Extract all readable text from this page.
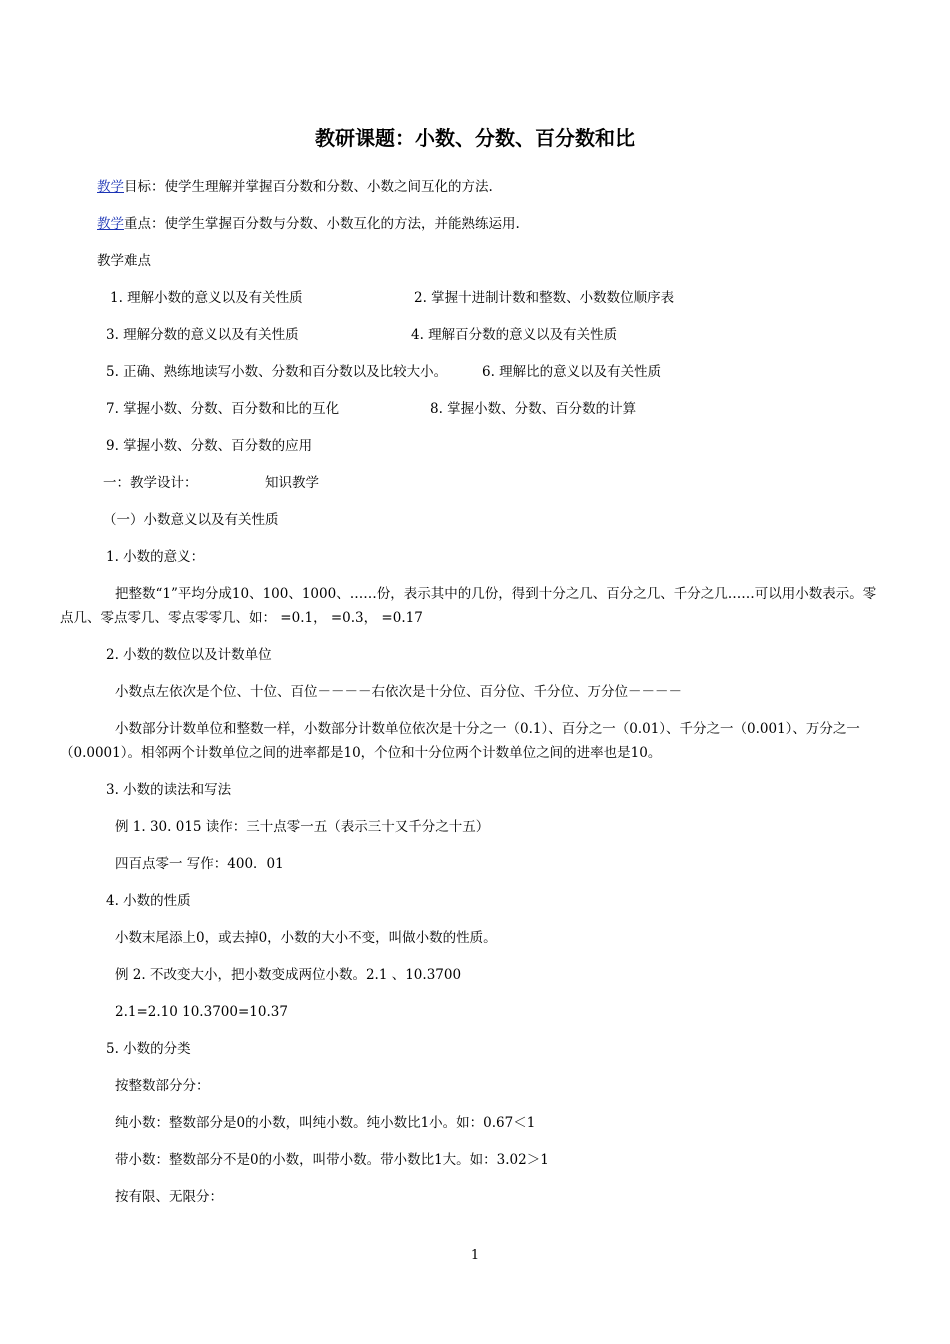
教研课题：小数、分数、百分数和比
教学目标：使学生理解并掌握百分数和分数、小数之间互化的方法.
教学重点：使学生掌握百分数与分数、小数互化的方法，并能熟练运用.
教学难点
1. 理解小数的意义以及有关性质	2. 掌握十进制计数和整数、小数数位顺序表
3. 理解分数的意义以及有关性质	4. 理解百分数的意义以及有关性质
5. 正确、熟练地读写小数、分数和百分数以及比较大小。	6. 理解比的意义以及有关性质
7. 掌握小数、分数、百分数和比的互化	8. 掌握小数、分数、百分数的计算
9. 掌握小数、分数、百分数的应用
一：教学设计：	知识教学
（一）小数意义以及有关性质
1. 小数的意义：
把整数“1”平均分成10、100、1000、……份，表示其中的几份，得到十分之几、百分之几、千分之几……可以用小数表示。零
点几、零点零几、零点零零几、如： =0.1， =0.3， =0.17
2. 小数的数位以及计数单位
小数点左依次是个位、十位、百位－－－－右依次是十分位、百分位、千分位、万分位－－－－
小数部分计数单位和整数一样，小数部分计数单位依次是十分之一（0.1）、百分之一（0.01）、千分之一（0.001）、万分之一
（0.0001）。相邻两个计数单位之间的进率都是10，个位和十分位两个计数单位之间的进率也是10。
3. 小数的读法和写法
例 1. 30. 015 读作：三十点零一五（表示三十又千分之十五）
四百点零一 写作：400．01
4. 小数的性质
小数末尾添上0，或去掉0，小数的大小不变，叫做小数的性质。
例 2. 不改变大小，把小数变成两位小数。2.1 、10.3700
2.1=2.10 10.3700=10.37
5. 小数的分类
按整数部分分：
纯小数：整数部分是0的小数，叫纯小数。纯小数比1小。如：0.67＜1
带小数：整数部分不是0的小数，叫带小数。带小数比1大。如：3.02＞1
按有限、无限分：
1
